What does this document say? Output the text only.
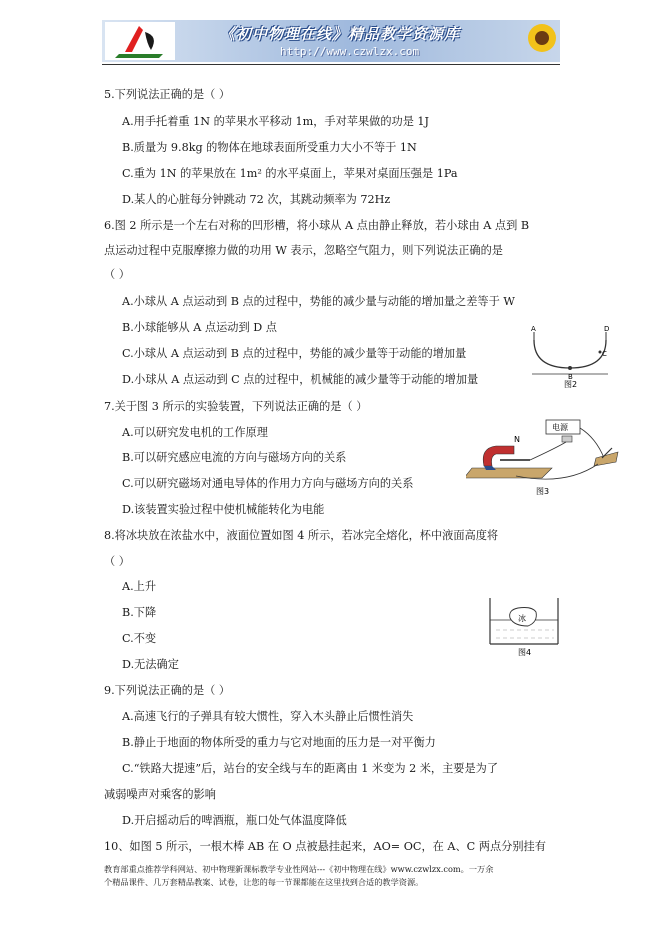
《初中物理在线》精品教学资源库
http://www.czwlzx.com
5.下列说法正确的是（ ）
A.用手托着重 1N 的苹果水平移动 1m，手对苹果做的功是 1J
B.质量为 9.8kg 的物体在地球表面所受重力大小不等于 1N
C.重为 1N 的苹果放在 1m² 的水平桌面上，苹果对桌面压强是 1Pa
D.某人的心脏每分钟跳动 72 次，其跳动频率为 72Hz
6.图 2 所示是一个左右对称的凹形槽，将小球从 A 点由静止释放，若小球由 A 点到 B
点运动过程中克服摩擦力做的功用 W 表示，忽略空气阻力，则下列说法正确的是
（ ）
A.小球从 A 点运动到 B 点的过程中，势能的减少量与动能的增加量之差等于 W
B.小球能够从 A 点运动到 D 点
C.小球从 A 点运动到 B 点的过程中，势能的减少量等于动能的增加量
D.小球从 A 点运动到 C 点的过程中，机械能的减少量等于动能的增加量
A
B
C
D
图2
7.关于图 3 所示的实验装置，下列说法正确的是（ ）
A.可以研究发电机的工作原理
B.可以研究感应电流的方向与磁场方向的关系
C.可以研究磁场对通电导体的作用力方向与磁场方向的关系
D.该装置实验过程中使机械能转化为电能
电源
N
图3
8.将冰块放在浓盐水中，液面位置如图 4 所示，若冰完全熔化，杯中液面高度将
（ ）
A.上升
B.下降
C.不变
D.无法确定
冰
图4
9.下列说法正确的是（ ）
A.高速飞行的子弹具有较大惯性，穿入木头静止后惯性消失
B.静止于地面的物体所受的重力与它对地面的压力是一对平衡力
C.“铁路大提速”后，站台的安全线与车的距离由 1 米变为 2 米，主要是为了
减弱噪声对乘客的影响
D.开启摇动后的啤酒瓶，瓶口处气体温度降低
10、如图 5 所示，一根木棒 AB 在 O 点被悬挂起来，AO= OC，在 A、C 两点分别挂有
教育部重点推荐学科网站、初中物理新课标教学专业性网站---《初中物理在线》www.czwlzx.com。一万余
个精品课件、几万套精品教案、试卷，让您的每一节课都能在这里找到合适的教学资源。
